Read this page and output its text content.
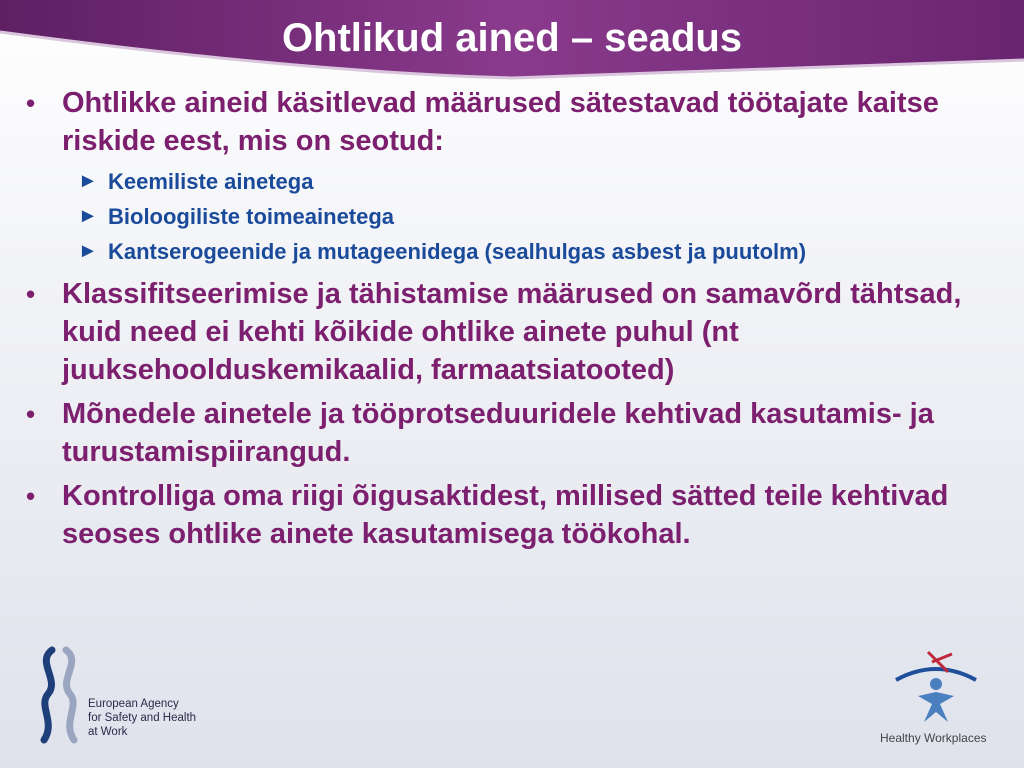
Ohtlikud ained – seadus
• Ohtlikke aineid käsitlevad määrused sätestavad töötajate kaitse riskide eest, mis on seotud:
► Keemiliste ainetega
► Bioloogiliste toimeainetega
► Kantserogeenide ja mutageenidega (sealhulgas asbest ja puutolm)
• Klassifitseerimise ja tähistamise määrused on samavõrd tähtsad, kuid need ei kehti kõikide ohtlike ainete puhul (nt juuksehoolduskemikaalid, farmaatsiatooted)
• Mõnedele ainetele ja tööprotseduuridele kehtivad kasutamis- ja turustamispiirangud.
• Kontrolliga oma riigi õigusaktidest, millised sätted teile kehtivad seoses ohtlike ainete kasutamisega töökohal.
European Agency
for Safety and Health
at Work	Healthy Workplaces
